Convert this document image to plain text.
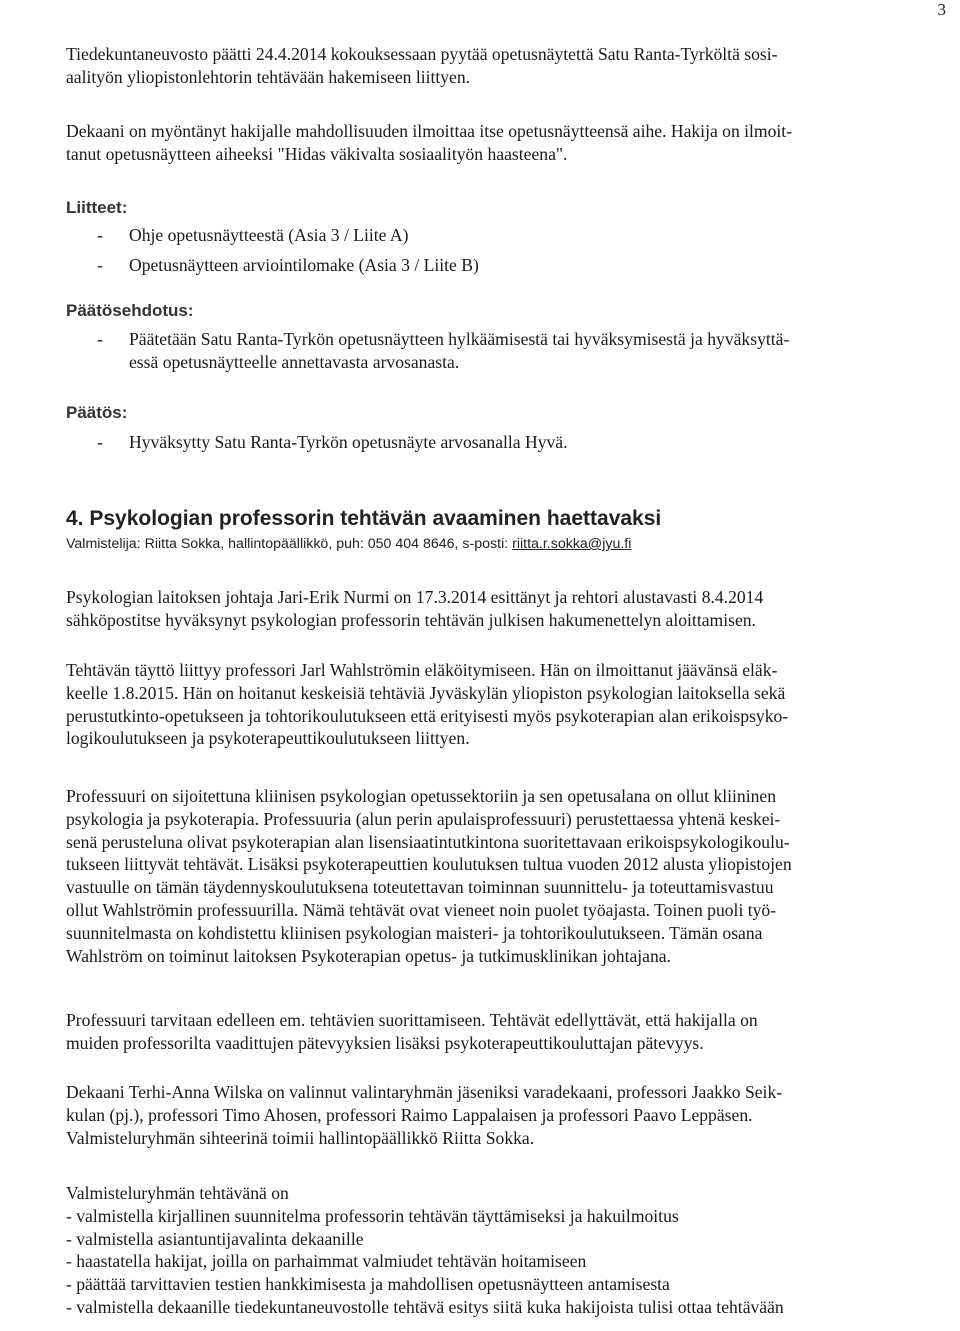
3
Tiedekuntaneuvosto päätti 24.4.2014 kokouksessaan pyytää opetusnäytettä Satu Ranta-Tyrköltä sosi-
aalityön yliopistonlehtorin tehtävään hakemiseen liittyen.
Dekaani on myöntänyt hakijalle mahdollisuuden ilmoittaa itse opetusnäytteensä aihe. Hakija on ilmoit-
tanut opetusnäytteen aiheeksi "Hidas väkivalta sosiaalityön haasteena".
Liitteet:
- Ohje opetusnäytteestä (Asia 3 / Liite A)
- Opetusnäytteen arviointilomake (Asia 3 / Liite B)
Päätösehdotus:
- Päätetään Satu Ranta-Tyrkön opetusnäytteen hylkäämisestä tai hyväksymisestä ja hyväksyttä-
essä opetusnäytteelle annettavasta arvosanasta.
Päätös:
- Hyväksytty Satu Ranta-Tyrkön opetusnäyte arvosanalla Hyvä.
4. Psykologian professorin tehtävän avaaminen haettavaksi
Valmistelija: Riitta Sokka, hallintopäällikkö, puh: 050 404 8646, s-posti: riitta.r.sokka@jyu.fi
Psykologian laitoksen johtaja Jari-Erik Nurmi on 17.3.2014 esittänyt ja rehtori alustavasti 8.4.2014
sähköpostitse hyväksynyt psykologian professorin tehtävän julkisen hakumenettelyn aloittamisen.
Tehtävän täyttö liittyy professori Jarl Wahlströmin eläköitymiseen. Hän on ilmoittanut jäävänsä eläk-
keelle 1.8.2015. Hän on hoitanut keskeisiä tehtäviä Jyväskylän yliopiston psykologian laitoksella sekä
perustutkinto-opetukseen ja tohtorikoulutukseen että erityisesti myös psykoterapian alan erikoispsyko-
logikoulutukseen ja psykoterapeuttikoulutukseen liittyen.
Professuuri on sijoitettuna kliinisen psykologian opetussektoriin ja sen opetusalana on ollut kliininen
psykologia ja psykoterapia. Professuuria (alun perin apulaisprofessuuri) perustettaessa yhtenä keskei-
senä perusteluna olivat psykoterapian alan lisensiaatintutkintona suoritettavaan erikoispsykologikoulu-
tukseen liittyvät tehtävät. Lisäksi psykoterapeuttien koulutuksen tultua vuoden 2012 alusta yliopistojen
vastuulle on tämän täydennyskoulutuksena toteutettavan toiminnan suunnittelu- ja toteuttamisvastuu
ollut Wahlströmin professuurilla. Nämä tehtävät ovat vieneet noin puolet työajasta. Toinen puoli työ-
suunnitelmasta on kohdistettu kliinisen psykologian maisteri- ja tohtorikoulutukseen. Tämän osana
Wahlström on toiminut laitoksen Psykoterapian opetus- ja tutkimusklinikan johtajana.
Professuuri tarvitaan edelleen em. tehtävien suorittamiseen. Tehtävät edellyttävät, että hakijalla on
muiden professorilta vaadittujen pätevyyksien lisäksi psykoterapeuttikouluttajan pätevyys.
Dekaani Terhi-Anna Wilska on valinnut valintaryhmän jäseniksi varadekaani, professori Jaakko Seik-
kulan (pj.), professori Timo Ahosen, professori Raimo Lappalaisen ja professori Paavo Leppäsen.
Valmisteluryhmän sihteerinä toimii hallintopäällikkö Riitta Sokka.
Valmisteluryhmän tehtävänä on
- valmistella kirjallinen suunnitelma professorin tehtävän täyttämiseksi ja hakuilmoitus
- valmistella asiantuntijavalinta dekaanille
- haastatella hakijat, joilla on parhaimmat valmiudet tehtävän hoitamiseen
- päättää tarvittavien testien hankkimisesta ja mahdollisen opetusnäytteen antamisesta
- valmistella dekaanille tiedekuntaneuvostolle tehtävä esitys siitä kuka hakijoista tulisi ottaa tehtävään
